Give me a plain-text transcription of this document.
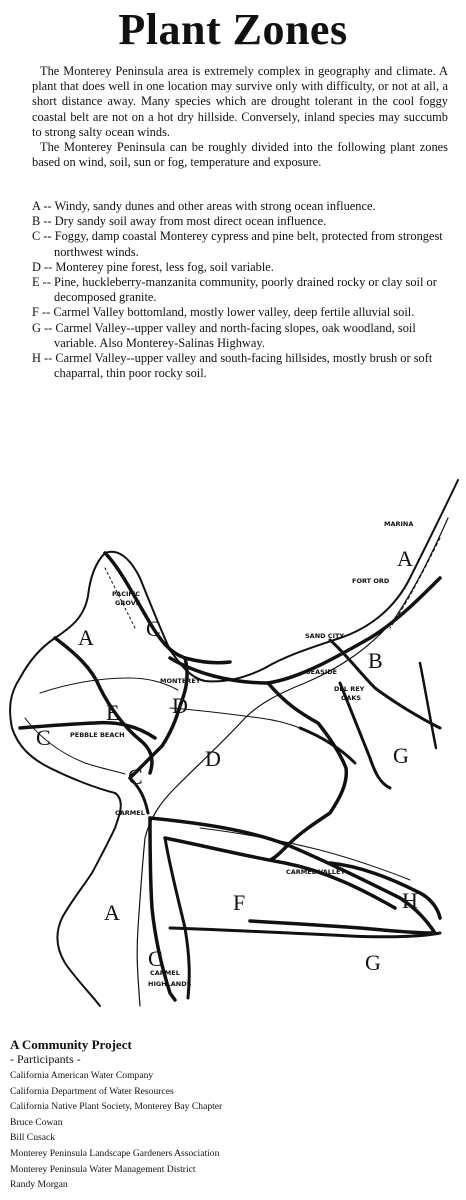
Plant Zones

The Monterey Peninsula area is extremely complex in geography and climate. A plant that does well in one location may survive only with difficulty, or not at all, a short distance away. Many species which are drought tolerant in the cool foggy coastal belt are not on a hot dry hillside. Conversely, inland species may succumb to strong salty ocean winds.

The Monterey Peninsula can be roughly divided into the following plant zones based on wind, soil, sun or fog, temperature and exposure.

A -- Windy, sandy dunes and other areas with strong ocean influence.
B -- Dry sandy soil away from most direct ocean influence.
C -- Foggy, damp coastal Monterey cypress and pine belt, protected from strongest northwest winds.
D -- Monterey pine forest, less fog, soil variable.
E -- Pine, huckleberry-manzanita community, poorly drained rocky or clay soil or decomposed granite.
F -- Carmel Valley bottomland, mostly lower valley, deep fertile alluvial soil.
G -- Carmel Valley--upper valley and north-facing slopes, oak woodland, soil variable. Also Monterey-Salinas Highway.
H -- Carmel Valley--upper valley and south-facing hillsides, mostly brush or soft chaparral, thin poor rocky soil.
MARINA
FORT ORD
PACIFIC
GROVE
SAND CITY
SEASIDE
DEL REY
OAKS
MONTEREY
PEBBLE BEACH
CARMEL
CARMEL VALLEY
CARMEL
HIGHLANDS
A
A
A
B
C
C
C
C
D
D
E
F
G
G
H
A Community Project
- Participants -
California American Water Company
California Department of Water Resources
California Native Plant Society, Monterey Bay Chapter
Bruce Cowan
Bill Cusack
Monterey Peninsula Landscape Gardeners Association
Monterey Peninsula Water Management District
Randy Morgan
